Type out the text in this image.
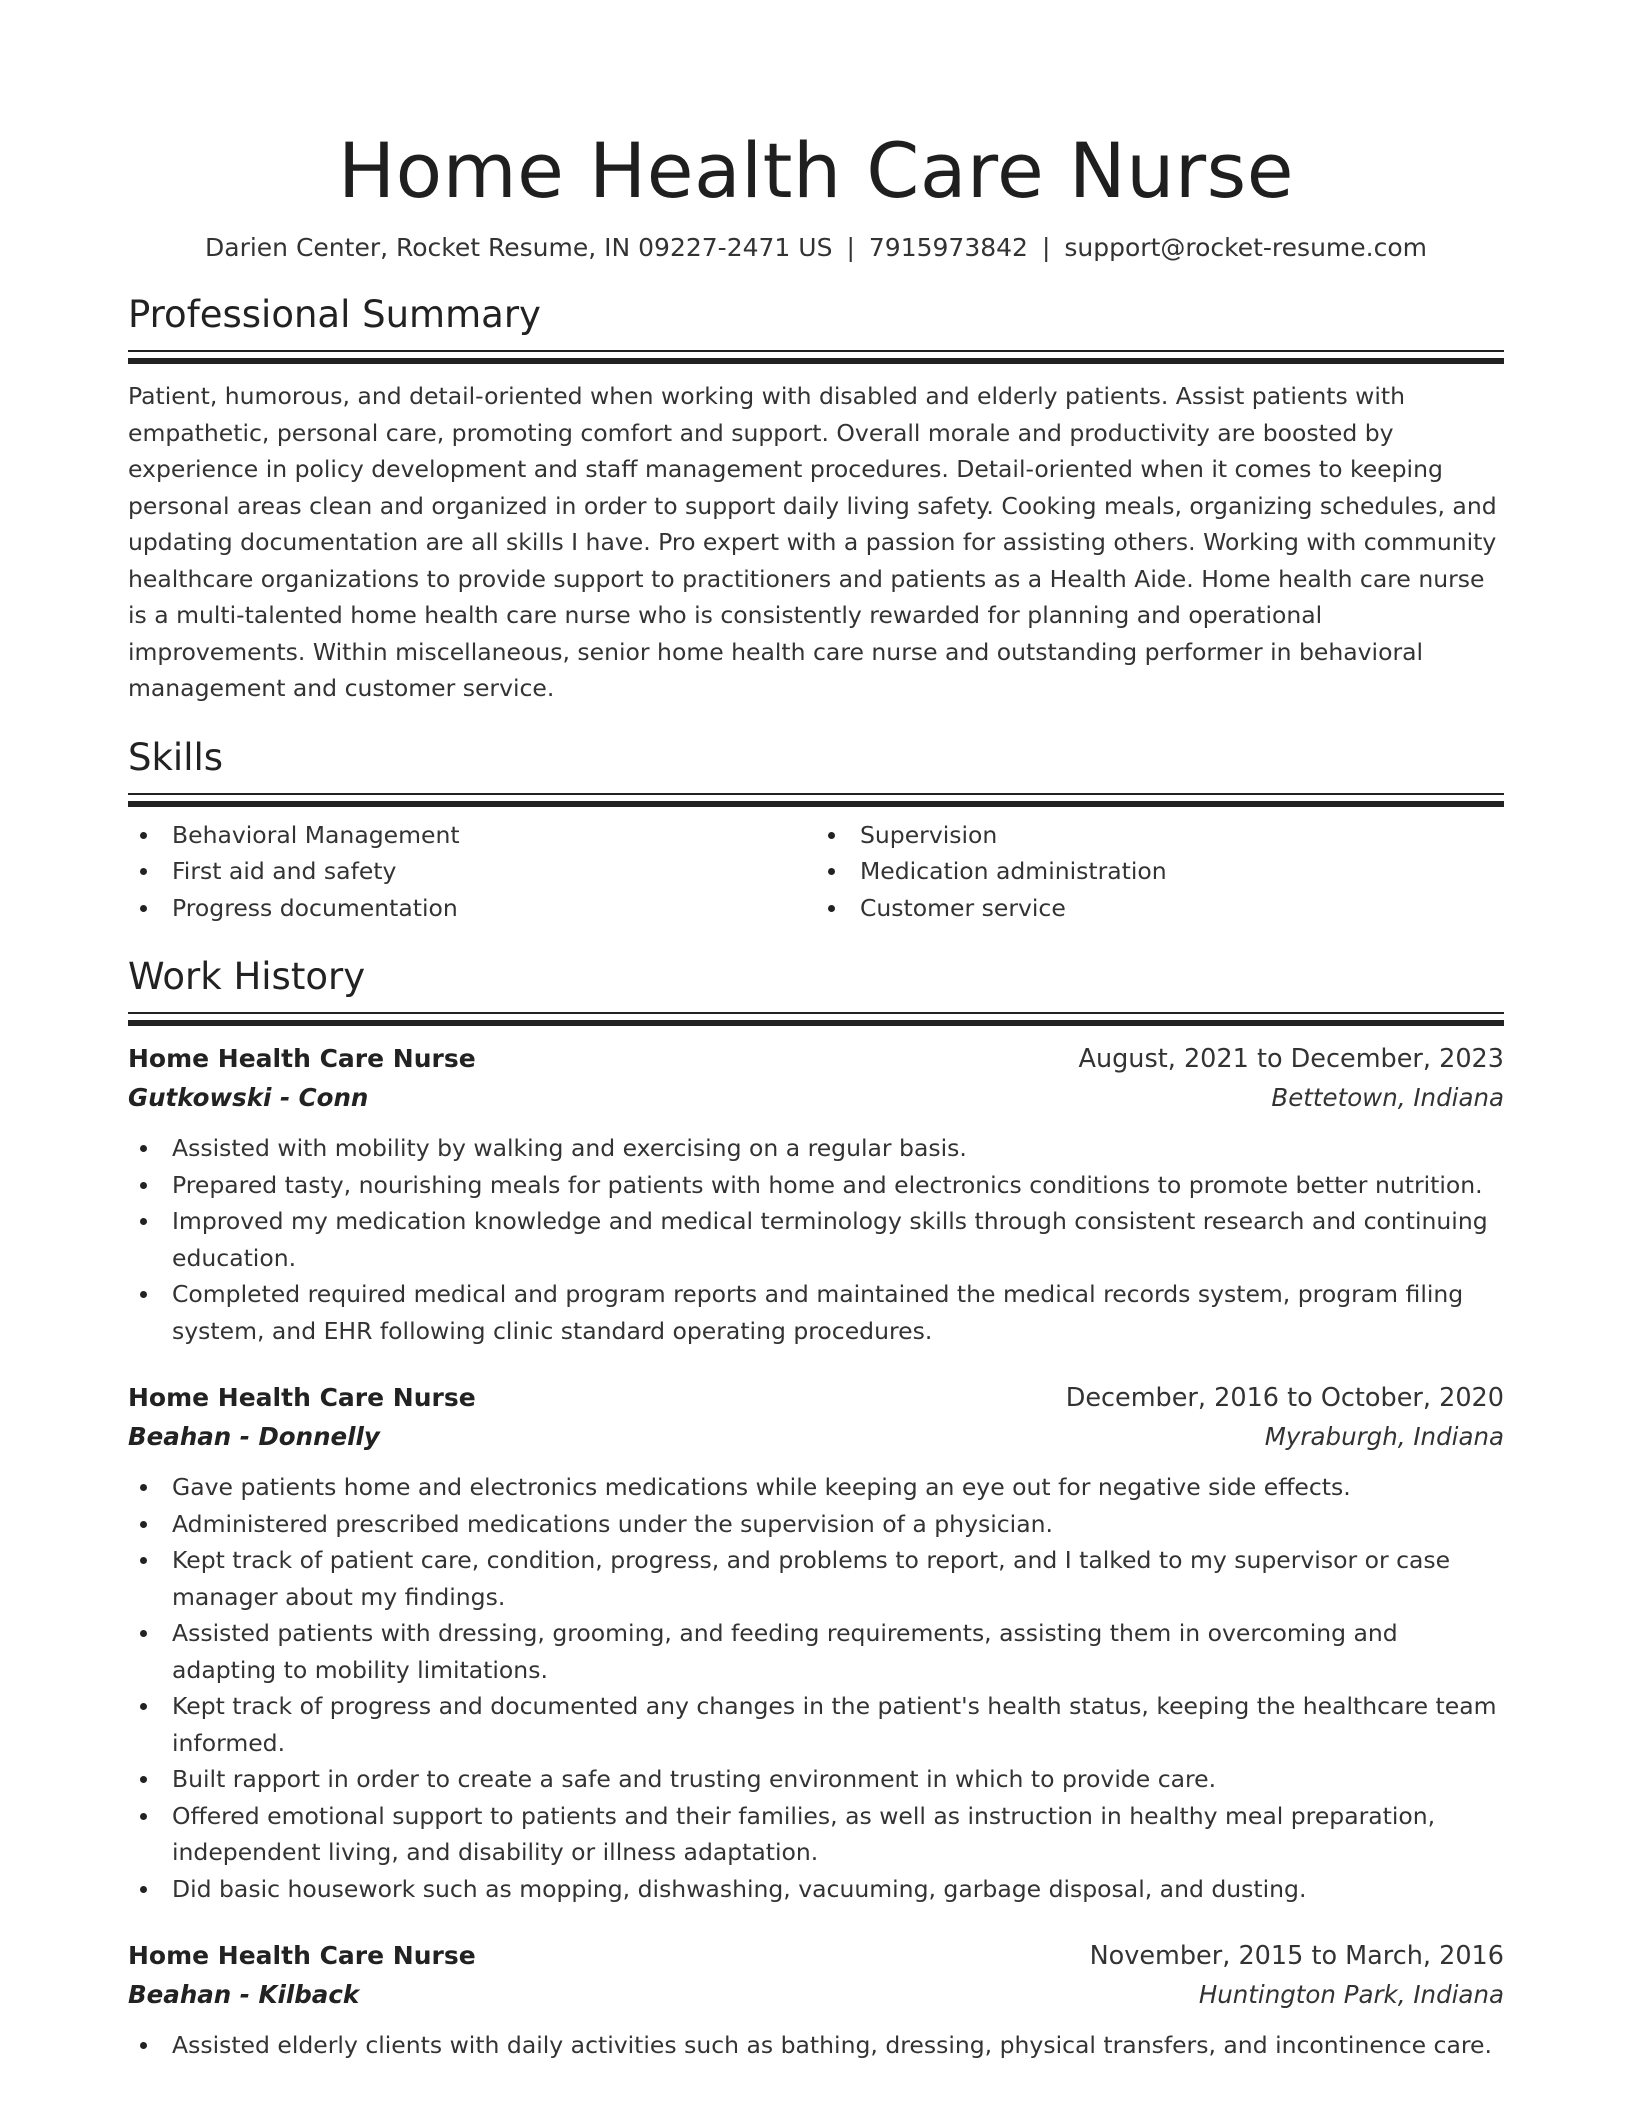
Home Health Care Nurse
Darien Center, Rocket Resume, IN 09227-2471 US | 7915973842 | support@rocket-resume.com
Professional Summary

Patient, humorous, and detail-oriented when working with disabled and elderly patients. Assist patients with empathetic, personal care, promoting comfort and support. Overall morale and productivity are boosted by experience in policy development and staff management procedures. Detail-oriented when it comes to keeping personal areas clean and organized in order to support daily living safety. Cooking meals, organizing schedules, and updating documentation are all skills I have. Pro expert with a passion for assisting others. Working with community healthcare organizations to provide support to practitioners and patients as a Health Aide. Home health care nurse is a multi-talented home health care nurse who is consistently rewarded for planning and operational improvements. Within miscellaneous, senior home health care nurse and outstanding performer in behavioral management and customer service.

Skills
Behavioral Management
First aid and safety
Progress documentation
Supervision
Medication administration
Customer service
Work History
Home Health Care Nurse	August, 2021 to December, 2023
Gutkowski - Conn	Bettetown, Indiana
Assisted with mobility by walking and exercising on a regular basis.
Prepared tasty, nourishing meals for patients with home and electronics conditions to promote better nutrition.
Improved my medication knowledge and medical terminology skills through consistent research and continuing education.
Completed required medical and program reports and maintained the medical records system, program filing system, and EHR following clinic standard operating procedures.
Home Health Care Nurse	December, 2016 to October, 2020
Beahan - Donnelly	Myraburgh, Indiana
Gave patients home and electronics medications while keeping an eye out for negative side effects.
Administered prescribed medications under the supervision of a physician.
Kept track of patient care, condition, progress, and problems to report, and I talked to my supervisor or case manager about my findings.
Assisted patients with dressing, grooming, and feeding requirements, assisting them in overcoming and adapting to mobility limitations.
Kept track of progress and documented any changes in the patient's health status, keeping the healthcare team informed.
Built rapport in order to create a safe and trusting environment in which to provide care.
Offered emotional support to patients and their families, as well as instruction in healthy meal preparation, independent living, and disability or illness adaptation.
Did basic housework such as mopping, dishwashing, vacuuming, garbage disposal, and dusting.
Home Health Care Nurse	November, 2015 to March, 2016
Beahan - Kilback	Huntington Park, Indiana
Assisted elderly clients with daily activities such as bathing, dressing, physical transfers, and incontinence care.
